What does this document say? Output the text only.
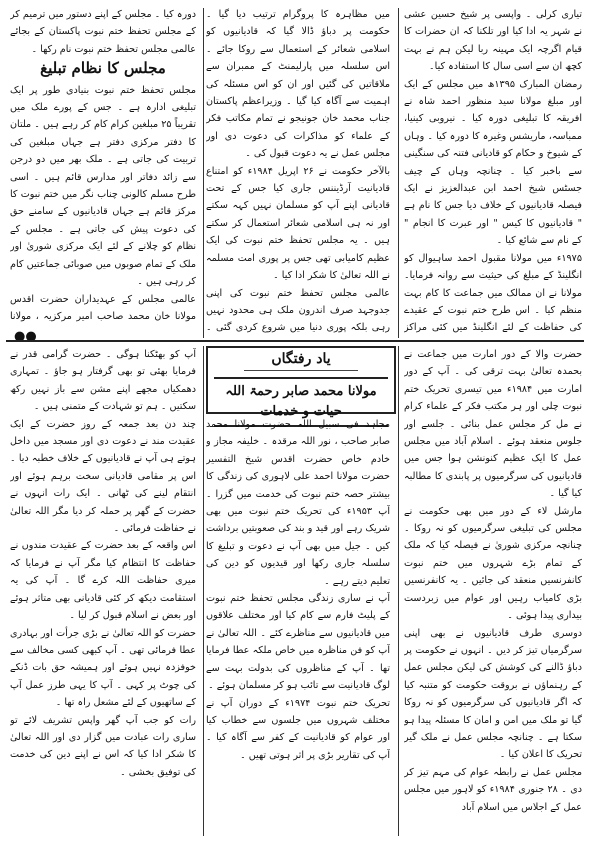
تیاری کرلی ۔ واپسی پر شیخ حسین عشی نے شہر یہ ادا کیا اور تلکنا کہ ان حضرات کا قیام اگرچہ ایک مہینہ ربا لیکن ہم نے بہت کچھ ان سے اسی سال کا استفادہ کیا۔

رمضان المبارک ۱۳۹۵ھ میں مجلس کے ایک اور مبلغ مولانا سید منظور احمد شاہ نے افریقہ کا تبلیغی دورہ کیا ۔ نیروبی کینیا، ممباسہ، ماریشس وغیرہ کا دورہ کیا ۔ وہاں کے شیوخ و حکام کو قادیانی فتنہ کی سنگینی سے باخبر کیا ۔ چنانچہ وہاں کے چیف جسٹس شیخ احمد ابن عبدالعزیز نے ایک فیصلہ قادیانیوں کے خلاف دیا جس کا نام ہے " قادیانیوں کا کیس " اور عبرت کا انجام " کے نام سے شائع کیا ۔

۱۹۷۵ء میں مولانا مقبول احمد ساہیوال کو انگلینڈ کے مبلغ کی حیثیت سے روانہ فرمایا۔ مولانا نے ان ممالک میں جماعت کا کام بہت منظم کیا ۔ اس طرح ختم نبوت کے عقیدے کی حفاظت کے لئے انگلینڈ میں کئی مراکز

میں مظاہرہ کا پروگرام ترتیب دیا گیا ۔ حکومت پر دباؤ ڈالا گیا کہ قادیانیوں کو اسلامی شعائر کے استعمال سے روکا جائے ۔ اس سلسلہ میں پارلیمنٹ کے ممبران سے ملاقاتیں کی گئیں اور ان کو اس مسئلہ کی اہمیت سے آگاہ کیا گیا ۔ وزیراعظم پاکستان جناب محمد خان جونیجو نے تمام مکاتب فکر کے علماء کو مذاکرات کی دعوت دی اور مجلس عمل نے یہ دعوت قبول کی ۔

بالآخر حکومت نے ۲۶ اپریل ۱۹۸۴ء کو امتناع قادیانیت آرڈیننس جاری کیا جس کے تحت قادیانی اپنے آپ کو مسلمان نہیں کہہ سکتے اور نہ ہی اسلامی شعائر استعمال کر سکتے ہیں ۔ یہ مجلس تحفظ ختم نبوت کی ایک عظیم کامیابی تھی جس پر پوری امت مسلمہ نے اللہ تعالیٰ کا شکر ادا کیا ۔

عالمی مجلس تحفظ ختم نبوت کی اپنی جدوجہد صرف اندرون ملک ہی محدود نہیں رہی بلکہ پوری دنیا میں شروع کردی گئی ۔

دورہ کیا ۔ مجلس کے اپنے دستور میں ترمیم کر کے مجلس تحفظ ختم نبوت پاکستان کے بجائے عالمی مجلس تحفظ ختم نبوت نام رکھا ۔

مجلس کا نظام تبلیغ

مجلس تحفظ ختم نبوت بنیادی طور پر ایک تبلیغی ادارہ ہے ۔ جس کے پورے ملک میں تقریباً ۲۵ مبلغین کرام کام کر رہے ہیں ۔ ملتان کا دفتر مرکزی دفتر ہے جہاں مبلغین کی تربیت کی جاتی ہے ۔ ملک بھر میں دو درجن سے زائد دفاتر اور مدارس قائم ہیں ۔ اسی طرح مسلم کالونی چناب نگر میں ختم نبوت کا مرکز قائم ہے جہاں قادیانیوں کے سامنے حق کی دعوت پیش کی جاتی ہے ۔ مجلس کے نظام کو چلانے کے لئے ایک مرکزی شوریٰ اور ملک کے تمام صوبوں میں صوبائی جماعتیں کام کر رہی ہیں ۔

عالمی مجلس کے عہدیداران حضرت اقدس مولانا خان محمد صاحب امیر مرکزیہ ، مولانا

●●

حضرت والا کے دور امارت میں جماعت نے بحمدہ تعالیٰ بہت ترقی کی ۔ آپ کے دور امارت میں ۱۹۸۴ء میں تیسری تحریک ختم نبوت چلی اور ہر مکتب فکر کے علماء کرام نے مل کر مجلس عمل بنائی ۔ جلسے اور جلوس منعقد ہوئے ۔ اسلام آباد میں مجلس عمل کا ایک عظیم کنونشن ہوا جس میں قادیانیوں کی سرگرمیوں پر پابندی کا مطالبہ کیا گیا ۔

مارشل لاء کے دور میں بھی حکومت نے مجلس کی تبلیغی سرگرمیوں کو نہ روکا ۔ چنانچہ مرکزی شوریٰ نے فیصلہ کیا کہ ملک کے تمام بڑے شہروں میں ختم نبوت کانفرنسیں منعقد کی جائیں ۔ یہ کانفرنسیں بڑی کامیاب رہیں اور عوام میں زبردست بیداری پیدا ہوئی ۔

دوسری طرف قادیانیوں نے بھی اپنی سرگرمیاں تیز کر دیں ۔ انہوں نے حکومت پر دباؤ ڈالنے کی کوشش کی لیکن مجلس عمل کے رہنماؤں نے بروقت حکومت کو متنبہ کیا کہ اگر قادیانیوں کی سرگرمیوں کو نہ روکا گیا تو ملک میں امن و امان کا مسئلہ پیدا ہو سکتا ہے ۔ چنانچہ مجلس عمل نے ملک گیر تحریک کا اعلان کیا ۔

مجلس عمل نے رابطہ عوام کی مہم تیز کر دی ۔ ۲۸ جنوری ۱۹۸۴ء کو لاہور میں مجلس عمل کے اجلاس میں اسلام آباد

یاد رفتگاں
مولانا محمد صابر رحمۃ اللہ حیات و خدمات

مجاہد فی سبیل اللہ حضرت مولانا محمد صابر صاحب ، نور اللہ مرقدہ ۔ خلیفہ مجاز و خادم خاص حضرت اقدس شیخ التفسیر حضرت مولانا احمد علی لاہوری کی زندگی کا بیشتر حصہ ختم نبوت کی خدمت میں گزرا ۔ آپ ۱۹۵۳ء کی تحریک ختم نبوت میں بھی شریک رہے اور قید و بند کی صعوبتیں برداشت کیں ۔ جیل میں بھی آپ نے دعوت و تبلیغ کا سلسلہ جاری رکھا اور قیدیوں کو دین کی تعلیم دیتے رہے ۔

آپ نے ساری زندگی مجلس تحفظ ختم نبوت کے پلیٹ فارم سے کام کیا اور مختلف علاقوں میں قادیانیوں سے مناظرے کئے ۔ اللہ تعالیٰ نے آپ کو فن مناظرہ میں خاص ملکہ عطا فرمایا تھا ۔ آپ کے مناظروں کی بدولت بہت سے لوگ قادیانیت سے تائب ہو کر مسلمان ہوئے ۔

تحریک ختم نبوت ۱۹۷۴ء کے دوران آپ نے مختلف شہروں میں جلسوں سے خطاب کیا اور عوام کو قادیانیت کے کفر سے آگاہ کیا ۔ آپ کی تقاریر بڑی پر اثر ہوتی تھیں ۔

آپ کو بھٹکنا ہوگی ۔ حضرت گرامی قدر نے فرمایا بھئی تو بھی گرفتار ہو جاؤ ۔ تمہاری دھمکیاں مجھے اپنے مشن سے باز نہیں رکھ سکتیں ۔ ہم تو شہادت کے متمنی ہیں ۔

چند دن بعد جمعہ کے روز حضرت کے ایک عقیدت مند نے دعوت دی اور مسجد میں داخل ہوتے ہی آپ نے قادیانیوں کے خلاف خطبہ دیا ۔ اس پر مقامی قادیانی سخت برہم ہوئے اور انتقام لینے کی ٹھانی ۔ ایک رات انہوں نے حضرت کے گھر پر حملہ کر دیا مگر اللہ تعالیٰ نے حفاظت فرمائی ۔

اس واقعہ کے بعد حضرت کے عقیدت مندوں نے حفاظت کا انتظام کیا مگر آپ نے فرمایا کہ میری حفاظت اللہ کرے گا ۔ آپ کی یہ استقامت دیکھ کر کئی قادیانی بھی متاثر ہوئے اور بعض نے اسلام قبول کر لیا ۔

حضرت کو اللہ تعالیٰ نے بڑی جرأت اور بہادری عطا فرمائی تھی ۔ آپ کبھی کسی مخالف سے خوفزدہ نہیں ہوئے اور ہمیشہ حق بات ڈنکے کی چوٹ پر کہی ۔ آپ کا یہی طرز عمل آپ کے ساتھیوں کے لئے مشعل راہ تھا ۔

رات کو جب آپ گھر واپس تشریف لائے تو ساری رات عبادت میں گزار دی اور اللہ تعالیٰ کا شکر ادا کیا کہ اس نے اپنے دین کی خدمت کی توفیق بخشی ۔
